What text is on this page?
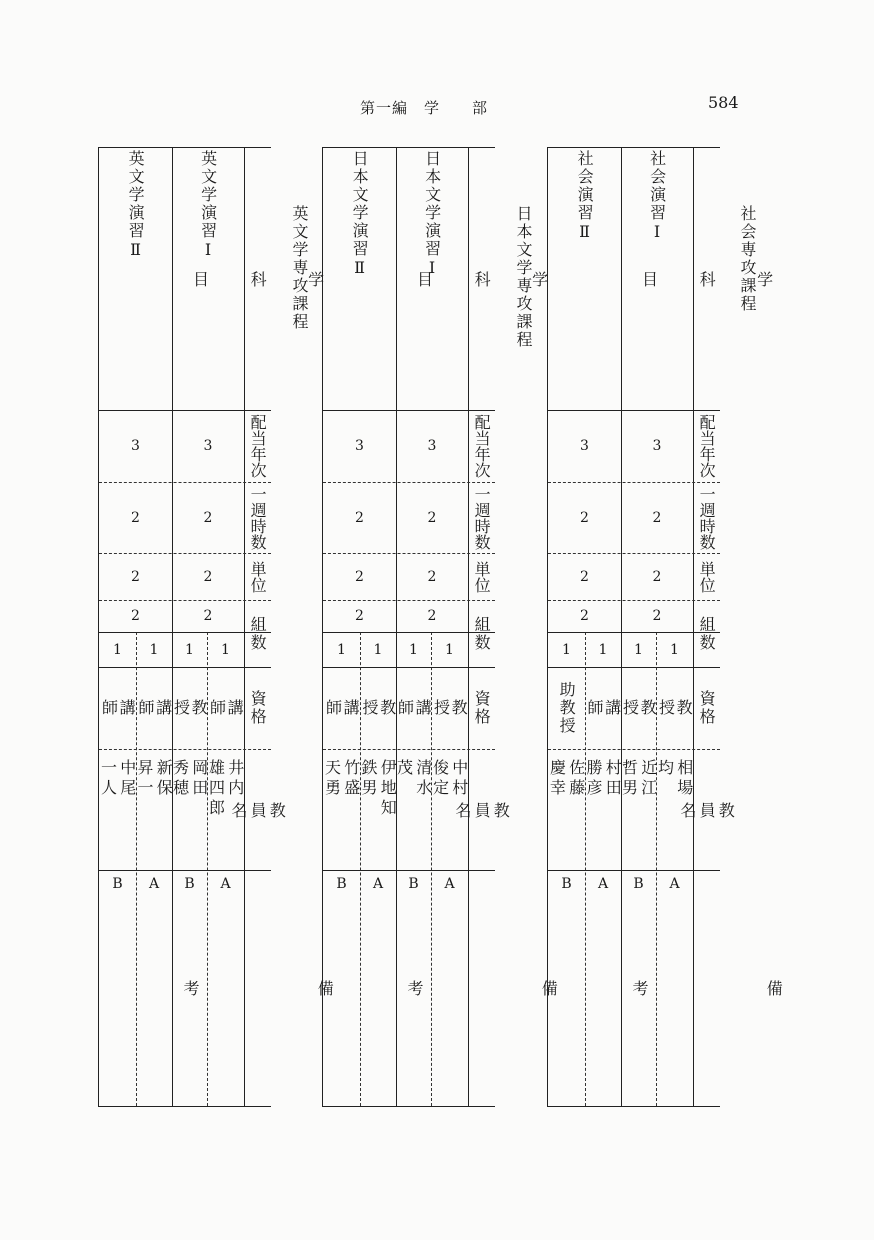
第一編　学　　部	584
英文学専攻課程
学

科

目
配当年次
一週時数
単位
組数
資格
教
員
名
備

考
英文学演習Ⅰ
3
2
2
2
1
教
授
岡田
秀穂
B
1
講
師
井内
雄四郎
A
英文学演習Ⅱ
3
2
2
2
1
講
師
中尾
一人
B
1
講
師
新保
昇一
A
日本文学専攻課程
学

科

目
配当年次
一週時数
単位
組数
資格
教
員
名
備

考
日本文学演習Ⅰ
3
2
2
2
1
講
師
清水
茂
B
1
教
授
中村
俊定
A
日本文学演習Ⅱ
3
2
2
2
1
講
師
竹盛
天勇
B
1
教
授
伊地知
鉄男
A
社会専攻課程
学

科

目
配当年次
一週時数
単位
組数
資格
教
員
名
備

考
社会演習Ⅰ
3
2
2
2
1
教
授
近江
哲男
B
1
教
授
相場
均
A
社会演習Ⅱ
3
2
2
2
1
助教授
佐藤
慶幸
B
1
講
師
村田
勝彦
A
